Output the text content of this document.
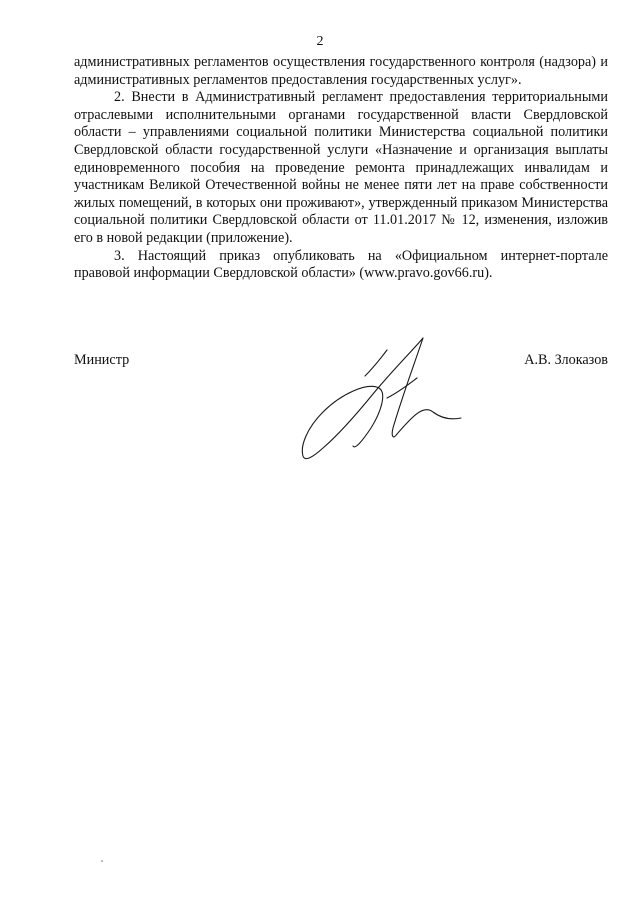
2

административных регламентов осуществления государственного контроля (надзора) и административных регламентов предоставления государственных услуг».

2. Внести в Административный регламент предоставления территориальными отраслевыми исполнительными органами государственной власти Свердловской области – управлениями социальной политики Министерства социальной политики Свердловской области государственной услуги «Назначение и организация выплаты единовременного пособия на проведение ремонта принадлежащих инвалидам и участникам Великой Отечественной войны не менее пяти лет на праве собственности жилых помещений, в которых они проживают», утвержденный приказом Министерства социальной политики Свердловской области от 11.01.2017 № 12, изменения, изложив его в новой редакции (приложение).

3. Настоящий приказ опубликовать на «Официальном интернет-портале правовой информации Свердловской области» (www.pravo.gov66.ru).

Министр	А.В. Злоказов
